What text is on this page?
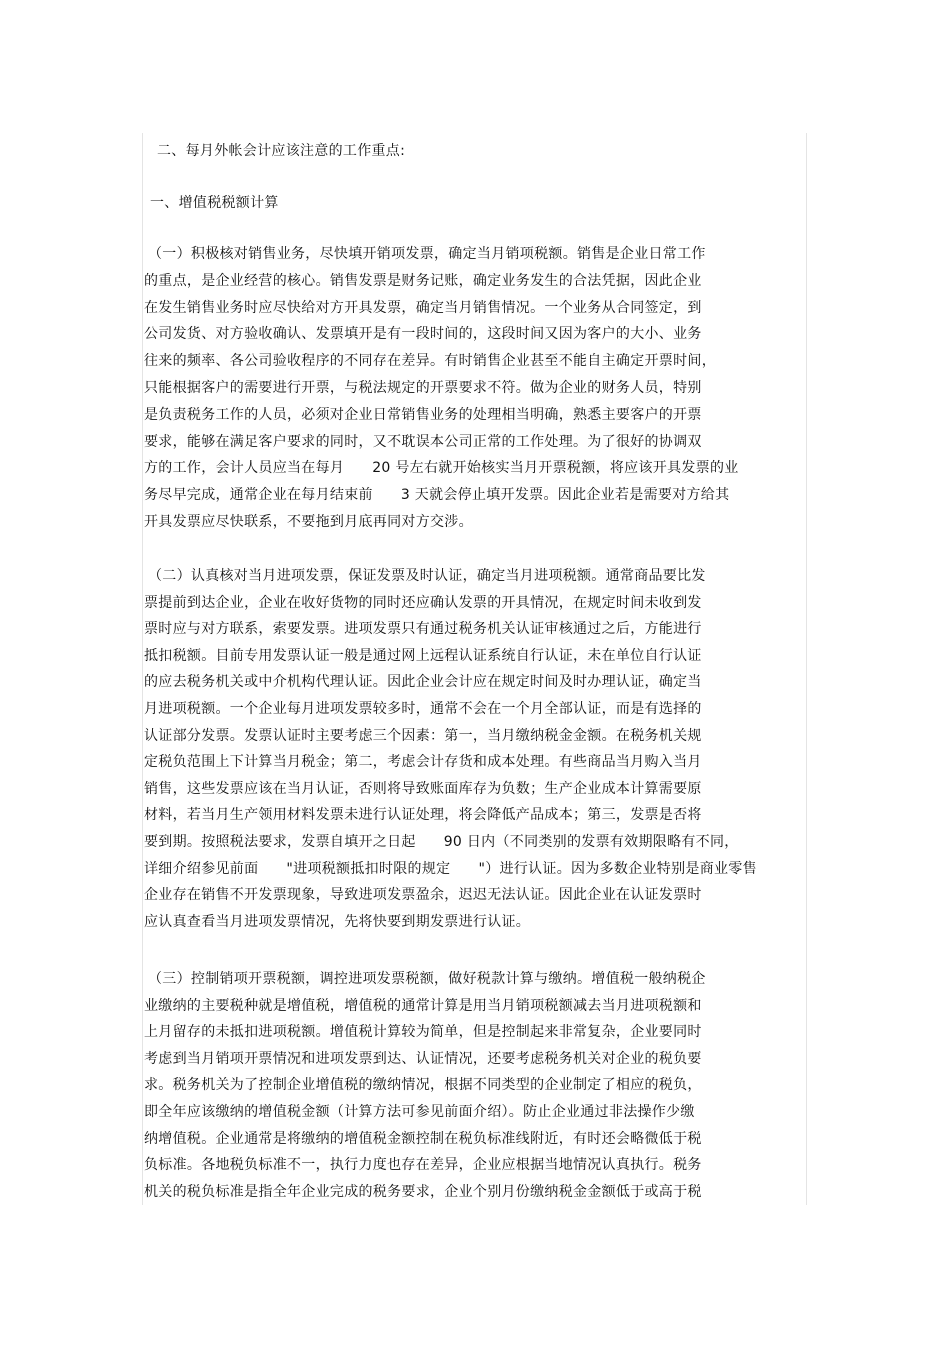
二、每月外帐会计应该注意的工作重点:

一、增值税税额计算

（一）积极核对销售业务，尽快填开销项发票，确定当月销项税额。销售是企业日常工作

的重点，是企业经营的核心。销售发票是财务记账，确定业务发生的合法凭据，因此企业

在发生销售业务时应尽快给对方开具发票，确定当月销售情况。一个业务从合同签定，到

公司发货、对方验收确认、发票填开是有一段时间的，这段时间又因为客户的大小、业务

往来的频率、各公司验收程序的不同存在差异。有时销售企业甚至不能自主确定开票时间，

只能根据客户的需要进行开票，与税法规定的开票要求不符。做为企业的财务人员，特别

是负责税务工作的人员，必须对企业日常销售业务的处理相当明确，熟悉主要客户的开票

要求，能够在满足客户要求的同时，又不耽误本公司正常的工作处理。为了很好的协调双

方的工作，会计人员应当在每月 20 号左右就开始核实当月开票税额，将应该开具发票的业

务尽早完成，通常企业在每月结束前 3 天就会停止填开发票。因此企业若是需要对方给其

开具发票应尽快联系，不要拖到月底再同对方交涉。

（二）认真核对当月进项发票，保证发票及时认证，确定当月进项税额。通常商品要比发

票提前到达企业，企业在收好货物的同时还应确认发票的开具情况，在规定时间未收到发

票时应与对方联系，索要发票。进项发票只有通过税务机关认证审核通过之后，方能进行

抵扣税额。目前专用发票认证一般是通过网上远程认证系统自行认证，未在单位自行认证

的应去税务机关或中介机构代理认证。因此企业会计应在规定时间及时办理认证，确定当

月进项税额。一个企业每月进项发票较多时，通常不会在一个月全部认证，而是有选择的

认证部分发票。发票认证时主要考虑三个因素：第一，当月缴纳税金金额。在税务机关规

定税负范围上下计算当月税金；第二，考虑会计存货和成本处理。有些商品当月购入当月

销售，这些发票应该在当月认证，否则将导致账面库存为负数；生产企业成本计算需要原

材料，若当月生产领用材料发票未进行认证处理，将会降低产品成本；第三，发票是否将

要到期。按照税法要求，发票自填开之日起 90 日内（不同类别的发票有效期限略有不同，

详细介绍参见前面 "进项税额抵扣时限的规定 "）进行认证。因为多数企业特别是商业零售

企业存在销售不开发票现象，导致进项发票盈余，迟迟无法认证。因此企业在认证发票时

应认真查看当月进项发票情况，先将快要到期发票进行认证。

（三）控制销项开票税额，调控进项发票税额，做好税款计算与缴纳。增值税一般纳税企

业缴纳的主要税种就是增值税，增值税的通常计算是用当月销项税额减去当月进项税额和

上月留存的未抵扣进项税额。增值税计算较为简单，但是控制起来非常复杂，企业要同时

考虑到当月销项开票情况和进项发票到达、认证情况，还要考虑税务机关对企业的税负要

求。税务机关为了控制企业增值税的缴纳情况，根据不同类型的企业制定了相应的税负，

即全年应该缴纳的增值税金额（计算方法可参见前面介绍）。防止企业通过非法操作少缴

纳增值税。企业通常是将缴纳的增值税金额控制在税负标准线附近，有时还会略微低于税

负标准。各地税负标准不一，执行力度也存在差异，企业应根据当地情况认真执行。税务

机关的税负标准是指全年企业完成的税务要求，企业个别月份缴纳税金金额低于或高于税
